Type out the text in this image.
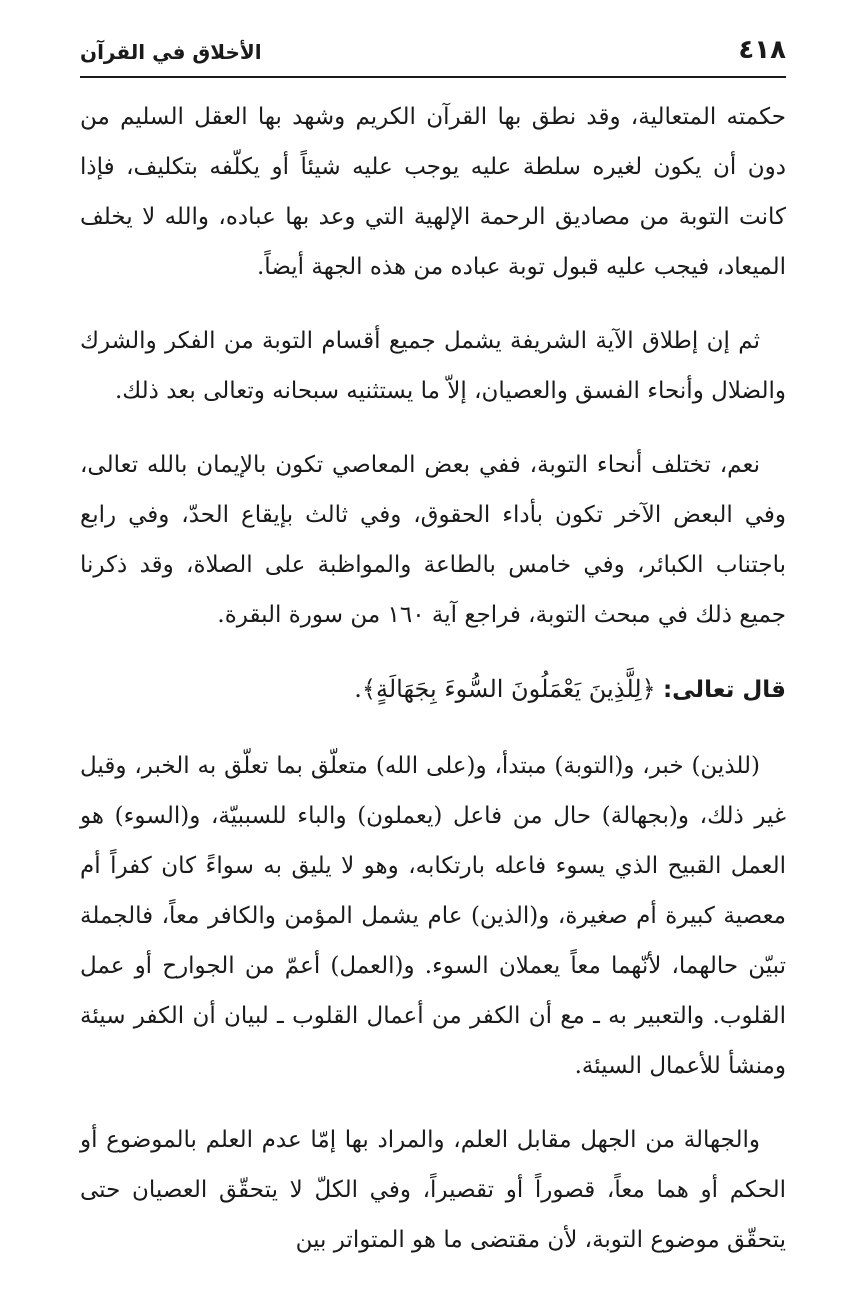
٤١٨
الأخلاق في القرآن

حكمته المتعالية، وقد نطق بها القرآن الكريم وشهد بها العقل السليم من دون أن يكون لغيره سلطة عليه يوجب عليه شيئاً أو يكلّفه بتكليف، فإذا كانت التوبة من مصاديق الرحمة الإلهية التي وعد بها عباده، والله لا يخلف الميعاد، فيجب عليه قبول توبة عباده من هذه الجهة أيضاً.

ثم إن إطلاق الآية الشريفة يشمل جميع أقسام التوبة من الفكر والشرك والضلال وأنحاء الفسق والعصيان، إلاّ ما يستثنيه سبحانه وتعالى بعد ذلك.

نعم، تختلف أنحاء التوبة، ففي بعض المعاصي تكون بالإيمان بالله تعالى، وفي البعض الآخر تكون بأداء الحقوق، وفي ثالث بإيقاع الحدّ، وفي رابع باجتناب الكبائر، وفي خامس بالطاعة والمواظبة على الصلاة، وقد ذكرنا جميع ذلك في مبحث التوبة، فراجع آية ١٦٠ من سورة البقرة.

قال تعالى: ﴿لِلَّذِينَ يَعْمَلُونَ السُّوءَ بِجَهَالَةٍ﴾.

(للذين) خبر، و(التوبة) مبتدأ، و(على الله) متعلّق بما تعلّق به الخبر، وقيل غير ذلك، و(بجهالة) حال من فاعل (يعملون) والباء للسببيّة، و(السوء) هو العمل القبيح الذي يسوء فاعله بارتكابه، وهو لا يليق به سواءً كان كفراً أم معصية كبيرة أم صغيرة، و(الذين) عام يشمل المؤمن والكافر معاً، فالجملة تبيّن حالهما، لأنّهما معاً يعملان السوء. و(العمل) أعمّ من الجوارح أو عمل القلوب. والتعبير به ـ مع أن الكفر من أعمال القلوب ـ لبيان أن الكفر سيئة ومنشأ للأعمال السيئة.

والجهالة من الجهل مقابل العلم، والمراد بها إمّا عدم العلم بالموضوع أو الحكم أو هما معاً، قصوراً أو تقصيراً، وفي الكلّ لا يتحقّق العصيان حتى يتحقّق موضوع التوبة، لأن مقتضى ما هو المتواتر بين
